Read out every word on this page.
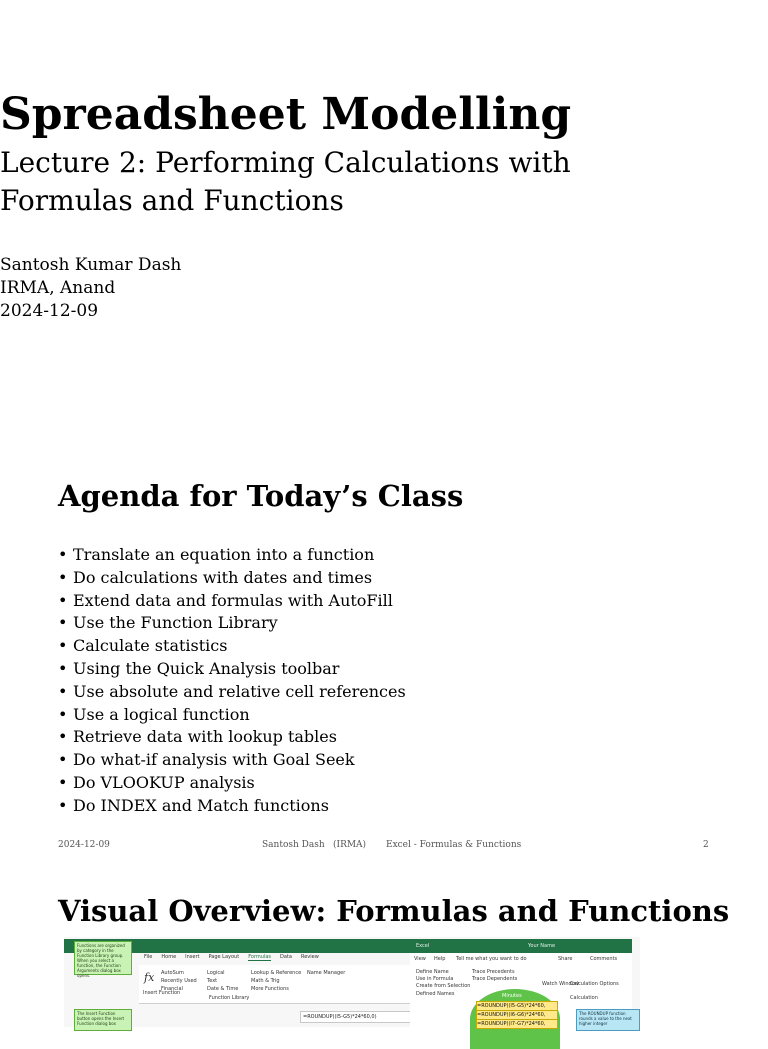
Spreadsheet Modelling
Lecture 2: Performing Calculations with
Formulas and Functions
Santosh Kumar Dash
IRMA, Anand
2024-12-09
Agenda for Today’s Class
• Translate an equation into a function
• Do calculations with dates and times
• Extend data and formulas with AutoFill
• Use the Function Library
• Calculate statistics
• Using the Quick Analysis toolbar
• Use absolute and relative cell references
• Use a logical function
• Retrieve data with lookup tables
• Do what-if analysis with Goal Seek
• Do VLOOKUP analysis
• Do INDEX and Match functions
2024-12-09	Santosh Dash (IRMA) Excel - Formulas & Functions	2
Visual Overview: Formulas and Functions
Functions are organized by category in the Function Library group. When you select a function, the Function Arguments dialog box opens.
The Insert Function button opens the Insert Function dialog box
File Home Insert Page Layout Formulas Data Review
AutoSum
Recently Used
Financial
Logical
Text
Date & Time
Lookup & Reference
Math & Trig
More Functions
Function Library
Name Manager
fx
Insert Function
=ROUNDUP((I5-G5)*24*60,0)
Excel	Your Name
View Help Tell me what you want to do	Share	Comments
Define Name
Use in Formula
Create from Selection
Defined Names
Trace Precedents
Trace Dependents
Watch Window
Calculation Options
Calculation
Minutes
=ROUNDUP((I5-G5)*24*60,
=ROUNDUP((I6-G6)*24*60,
=ROUNDUP((I7-G7)*24*60,
The ROUNDUP function rounds a value to the next higher integer
